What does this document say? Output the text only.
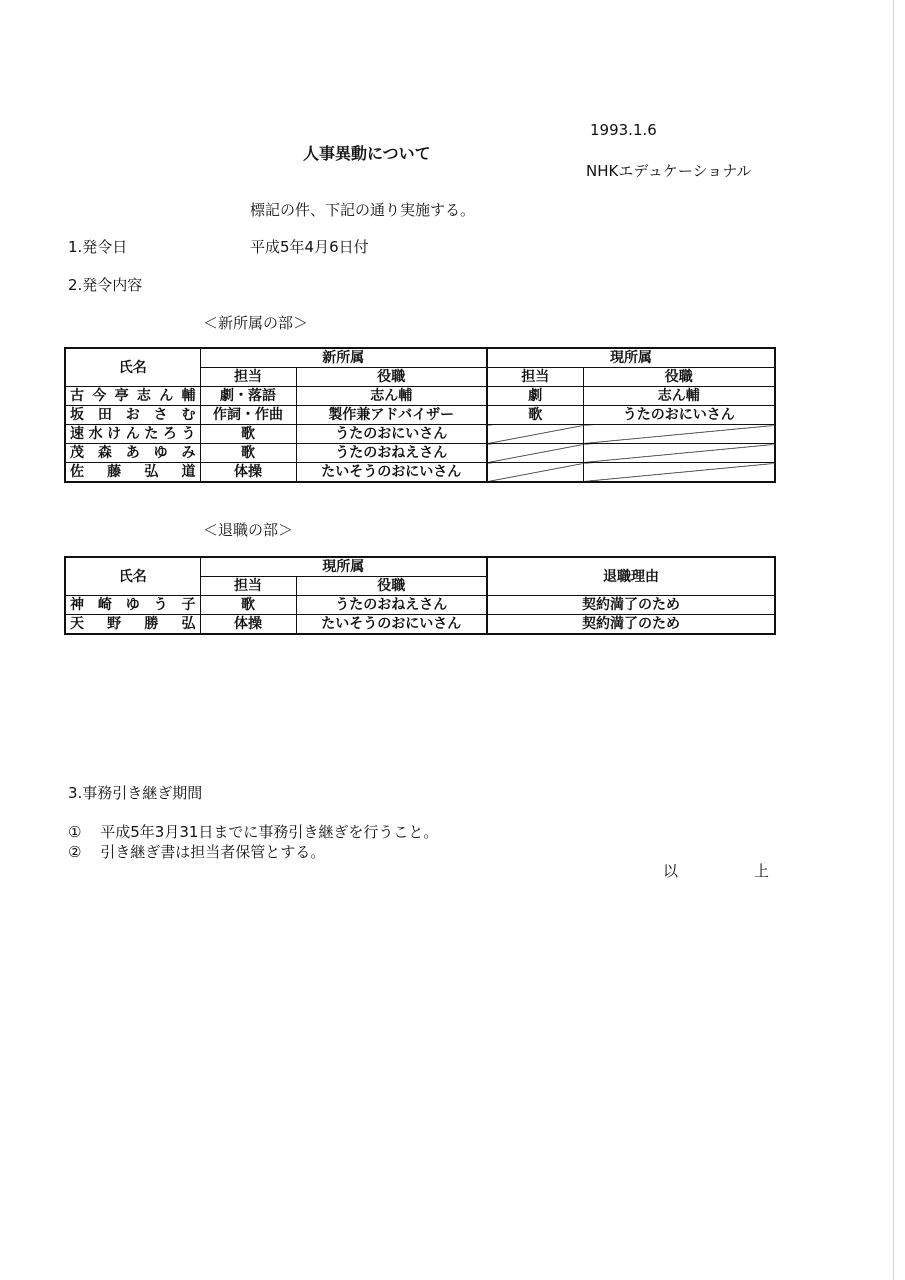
1993.1.6
人事異動について
NHKエデュケーショナル
標記の件、下記の通り実施する。
1.発令日	平成5年4月6日付
2.発令内容
＜新所属の部＞
氏名	新所属		現所属	
	担当	役職	担当	役職
古今亭志ん輔	劇・落語	志ん輔	劇	志ん輔
坂田おさむ	作詞・作曲	製作兼アドバイザー	歌	うたのおにいさん
速水けんたろう	歌	うたのおにいさん		
茂森あゆみ	歌	うたのおねえさん		
佐藤弘道	体操	たいそうのおにいさん		
＜退職の部＞
氏名	現所属		退職理由
	担当	役職	
神崎ゆう子	歌	うたのおねえさん	契約満了のため
天野勝弘	体操	たいそうのおにいさん	契約満了のため
3.事務引き継ぎ期間
① 平成5年3月31日までに事務引き継ぎを行うこと。
② 引き継ぎ書は担当者保管とする。
以	上
